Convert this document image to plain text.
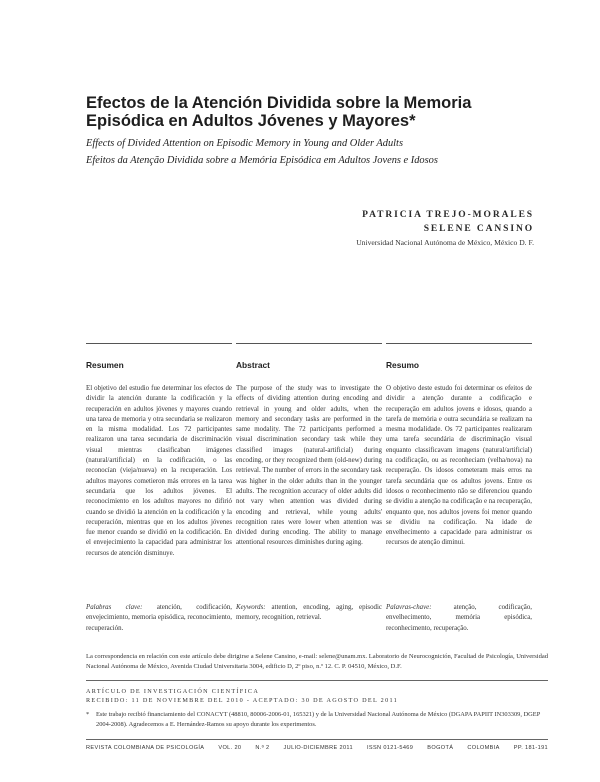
Efectos de la Atención Dividida sobre la Memoria Episódica en Adultos Jóvenes y Mayores*
Effects of Divided Attention on Episodic Memory in Young and Older Adults
Efeitos da Atenção Dividida sobre a Memória Episódica em Adultos Jovens e Idosos
PATRICIA TREJO-MORALES
SELENE CANSINO
Universidad Nacional Autónoma de México, México D. F.
Resumen
El objetivo del estudio fue determinar los efectos de dividir la atención durante la codificación y la recuperación en adultos jóvenes y mayores cuando una tarea de memoria y otra secundaria se realizaron en la misma modalidad. Los 72 participantes realizaron una tarea secundaria de discriminación visual mientras clasificaban imágenes (natural/artificial) en la codificación, o las reconocían (vieja/nueva) en la recuperación. Los adultos mayores cometieron más errores en la tarea secundaria que los adultos jóvenes. El reconocimiento en los adultos mayores no difirió cuando se dividió la atención en la codificación y la recuperación, mientras que en los adultos jóvenes fue menor cuando se dividió en la codificación. En el envejecimiento la capacidad para administrar los recursos de atención disminuye.
Abstract
The purpose of the study was to investigate the effects of dividing attention during encoding and retrieval in young and older adults, when the memory and secondary tasks are performed in the same modality. The 72 participants performed a visual discrimination secondary task while they classified images (natural-artificial) during encoding, or they recognized them (old-new) during retrieval. The number of errors in the secondary task was higher in the older adults than in the younger adults. The recognition accuracy of older adults did not vary when attention was divided during encoding and retrieval, while young adults' recognition rates were lower when attention was divided during encoding. The ability to manage attentional resources diminishes during aging.
Resumo
O objetivo deste estudo foi determinar os efeitos de dividir a atenção durante a codificação e recuperação em adultos jovens e idosos, quando a tarefa de memória e outra secundária se realizam na mesma modalidade. Os 72 participantes realizaram uma tarefa secundária de discriminação visual enquanto classificavam imagens (natural/artificial) na codificação, ou as reconheciam (velha/nova) na recuperação. Os idosos cometeram mais erros na tarefa secundária que os adultos jovens. Entre os idosos o reconhecimento não se diferenciou quando se dividiu a atenção na codificação e na recuperação, enquanto que, nos adultos jovens foi menor quando se dividiu na codificação. Na idade de envelhecimento a capacidade para administrar os recursos de atenção diminui.
Palabras clave: atención, codificación, envejecimiento, memoria episódica, reconocimiento, recuperación.
Keywords: attention, encoding, aging, episodic memory, recognition, retrieval.
Palavras-chave:	atenção, codificação, envelhecimento, memória episódica, reconhecimento, recuperação.
La correspondencia en relación con este artículo debe dirigirse a Selene Cansino, e-mail: selene@unam.mx. Laboratorio de Neurocognición, Facultad de Psicología, Universidad Nacional Autónoma de México, Avenida Ciudad Universitaria 3004, edificio D, 2º piso, n.º 12. C. P. 04510, México, D.F.
ARTÍCULO DE INVESTIGACIÓN CIENTÍFICA
RECIBIDO: 11 DE NOVIEMBRE DEL 2010 - ACEPTADO: 30 DE AGOSTO DEL 2011
* Este trabajo recibió financiamiento del CONACYT (48810, 80006-2006-01, 165321) y de la Universidad Nacional Autónoma de México (DGAPA PAPIIT IN303309, DGEP 2004-2008). Agradecemos a E. Hernández-Ramos su apoyo durante los experimentos.
REVISTA COLOMBIANA DE PSICOLOGÍA	VOL. 20	N.º 2	JULIO-DICIEMBRE 2011	ISSN 0121-5469	BOGOTÁ	COLOMBIA	PP. 181-191
